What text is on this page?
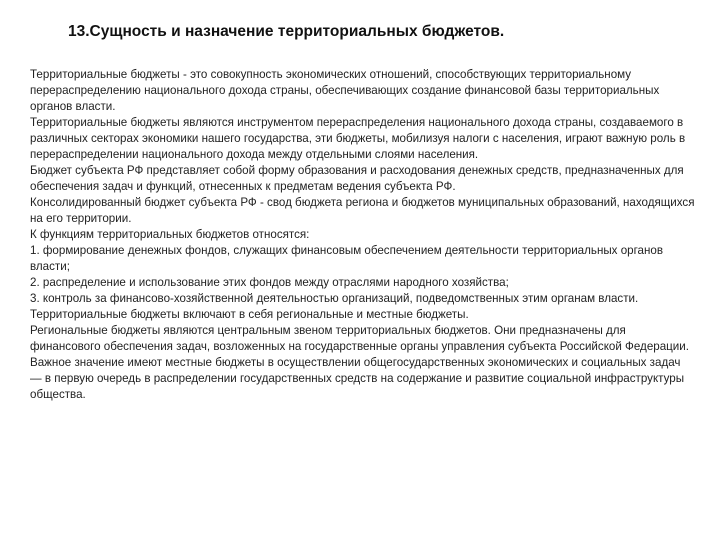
13.Сущность и назначение территориальных бюджетов.

Территориальные бюджеты - это совокупность экономических отношений, способствующих территориальному перераспределению национального дохода страны, обеспечивающих создание финансовой базы территориальных органов власти.

Территориальные бюджеты являются инструментом перераспределения национального дохода страны, создаваемого в различных секторах экономики нашего государства, эти бюджеты, мобилизуя налоги с населения, играют важную роль в перераспределении национального дохода между отдельными слоями населения.

Бюджет субъекта РФ представляет собой форму образования и расходования денежных средств, предназначенных для обеспечения задач и функций, отнесенных к предметам ведения субъекта РФ.

Консолидированный бюджет субъекта РФ - свод бюджета региона и бюджетов муниципальных образований, находящихся на его территории.

К функциям территориальных бюджетов относятся:

1. формирование денежных фондов, служащих финансовым обеспечением деятельности территориальных органов власти;

2. распределение и использование этих фондов между отраслями народного хозяйства;

3. контроль за финансово-хозяйственной деятельностью организаций, подведомственных этим органам власти.

Территориальные бюджеты включают в себя региональные и местные бюджеты.

Региональные бюджеты являются центральным звеном территориальных бюджетов. Они предназначены для финансового обеспечения задач, возложенных на государственные органы управления субъекта Российской Федерации.

Важное значение имеют местные бюджеты в осуществлении общегосударственных экономических и социальных задач — в первую очередь в распределении государственных средств на содержание и развитие социальной инфраструктуры общества.
